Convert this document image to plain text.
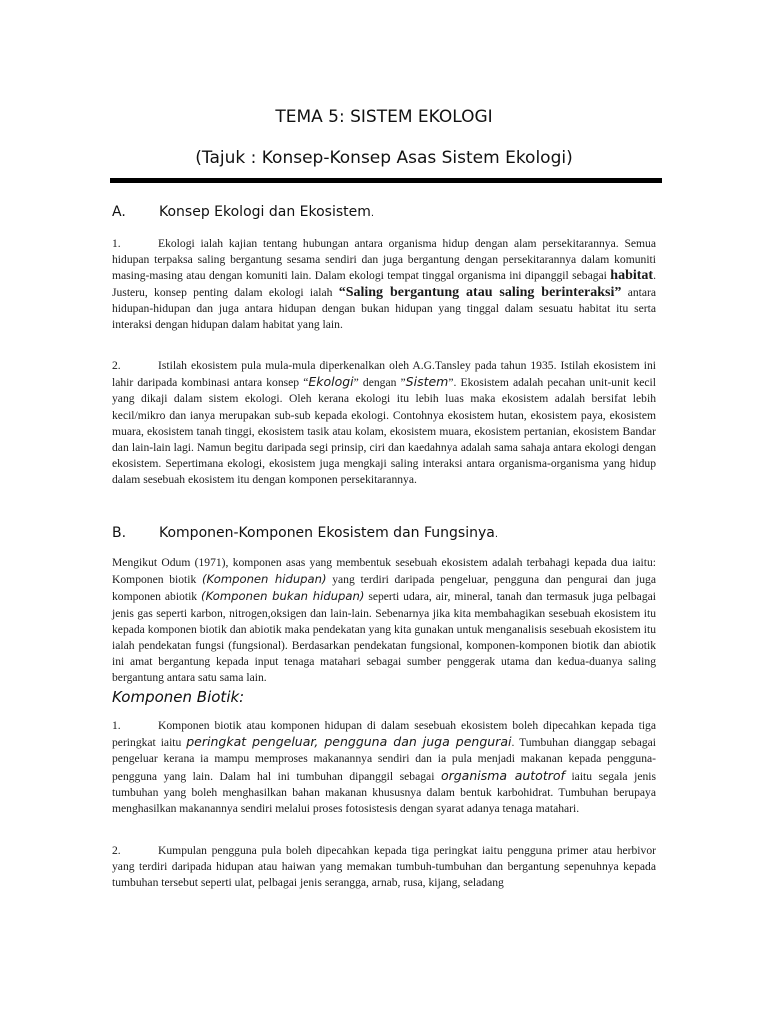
TEMA 5: SISTEM EKOLOGI
(Tajuk : Konsep-Konsep Asas Sistem Ekologi)
A. Konsep Ekologi dan Ekosistem.
1.	Ekologi ialah kajian tentang hubungan antara organisma hidup dengan alam persekitarannya. Semua hidupan terpaksa saling bergantung sesama sendiri dan juga bergantung dengan persekitarannya dalam komuniti masing-masing atau dengan komuniti lain. Dalam ekologi tempat tinggal organisma ini dipanggil sebagai habitat. Justeru, konsep penting dalam ekologi ialah “Saling bergantung atau saling berinteraksi” antara hidupan-hidupan dan juga antara hidupan dengan bukan hidupan yang tinggal dalam sesuatu habitat itu serta interaksi dengan hidupan dalam habitat yang lain.
2.	Istilah ekosistem pula mula-mula diperkenalkan oleh A.G.Tansley pada tahun 1935. Istilah ekosistem ini lahir daripada kombinasi antara konsep “Ekologi” dengan ”Sistem”. Ekosistem adalah pecahan unit-unit kecil yang dikaji dalam sistem ekologi. Oleh kerana ekologi itu lebih luas maka ekosistem adalah bersifat lebih kecil/mikro dan ianya merupakan sub-sub kepada ekologi. Contohnya ekosistem hutan, ekosistem paya, ekosistem muara, ekosistem tanah tinggi, ekosistem tasik atau kolam, ekosistem muara, ekosistem pertanian, ekosistem Bandar dan lain-lain lagi. Namun begitu daripada segi prinsip, ciri dan kaedahnya adalah sama sahaja antara ekologi dengan ekosistem. Sepertimana ekologi, ekosistem juga mengkaji saling interaksi antara organisma-organisma yang hidup dalam sesebuah ekosistem itu dengan komponen persekitarannya.
B. Komponen-Komponen Ekosistem dan Fungsinya.
Mengikut Odum (1971), komponen asas yang membentuk sesebuah ekosistem adalah terbahagi kepada dua iaitu: Komponen biotik (Komponen hidupan) yang terdiri daripada pengeluar, pengguna dan pengurai dan juga komponen abiotik (Komponen bukan hidupan) seperti udara, air, mineral, tanah dan termasuk juga pelbagai jenis gas seperti karbon, nitrogen,oksigen dan lain-lain. Sebenarnya jika kita membahagikan sesebuah ekosistem itu kepada komponen biotik dan abiotik maka pendekatan yang kita gunakan untuk menganalisis sesebuah ekosistem itu ialah pendekatan fungsi (fungsional). Berdasarkan pendekatan fungsional, komponen-komponen biotik dan abiotik ini amat bergantung kepada input tenaga matahari sebagai sumber penggerak utama dan kedua-duanya saling bergantung antara satu sama lain.
Komponen Biotik:
1.	Komponen biotik atau komponen hidupan di dalam sesebuah ekosistem boleh dipecahkan kepada tiga peringkat iaitu peringkat pengeluar, pengguna dan juga pengurai. Tumbuhan dianggap sebagai pengeluar kerana ia mampu memproses makanannya sendiri dan ia pula menjadi makanan kepada pengguna-pengguna yang lain. Dalam hal ini tumbuhan dipanggil sebagai organisma autotrof iaitu segala jenis tumbuhan yang boleh menghasilkan bahan makanan khususnya dalam bentuk karbohidrat. Tumbuhan berupaya menghasilkan makanannya sendiri melalui proses fotosistesis dengan syarat adanya tenaga matahari.
2.	Kumpulan pengguna pula boleh dipecahkan kepada tiga peringkat iaitu pengguna primer atau herbivor yang terdiri daripada hidupan atau haiwan yang memakan tumbuh-tumbuhan dan bergantung sepenuhnya kepada tumbuhan tersebut seperti ulat, pelbagai jenis serangga, arnab, rusa, kijang, seladang
